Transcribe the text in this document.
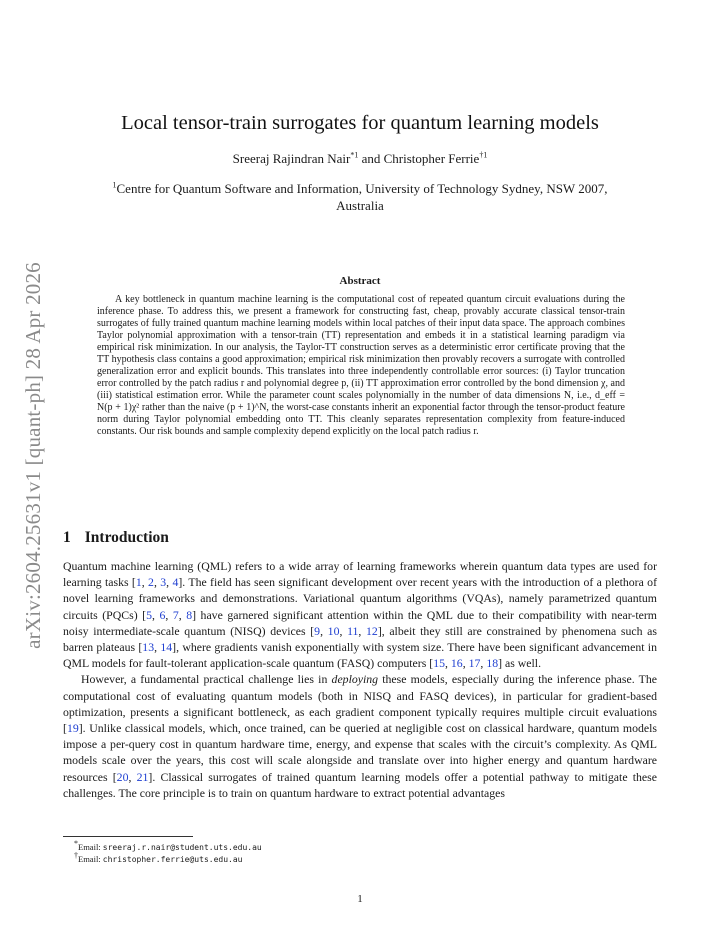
arXiv:2604.25631v1 [quant-ph] 28 Apr 2026
Local tensor-train surrogates for quantum learning models
Sreeraj Rajindran Nair$^{*1}$ and Christopher Ferrie$^{\dagger 1}$
$^1$Centre for Quantum Software and Information, University of Technology Sydney, NSW 2007,
Australia
Abstract

A key bottleneck in quantum machine learning is the computational cost of repeated quantum circuit evaluations during the inference phase. To address this, we present a framework for constructing fast, cheap, provably accurate classical tensor-train surrogates of fully trained quantum machine learning models within local patches of their input data space. The approach combines Taylor polynomial approximation with a tensor-train (TT) representation and embeds it in a statistical learning paradigm via empirical risk minimization. In our analysis, the Taylor-TT construction serves as a deterministic error certificate proving that the TT hypothesis class contains a good approximation; empirical risk minimization then provably recovers a surrogate with controlled generalization error and explicit bounds. This translates into three independently controllable error sources: (i) Taylor truncation error controlled by the patch radius r and polynomial degree p, (ii) TT approximation error controlled by the bond dimension χ, and (iii) statistical estimation error. While the parameter count scales polynomially in the number of data dimensions N, i.e., d_eff = N(p + 1)χ² rather than the naive (p + 1)^N, the worst-case constants inherit an exponential factor through the tensor-product feature norm during Taylor polynomial embedding onto TT. This cleanly separates representation complexity from feature-induced constants. Our risk bounds and sample complexity depend explicitly on the local patch radius r.

1 Introduction

Quantum machine learning (QML) refers to a wide array of learning frameworks wherein quantum data types are used for learning tasks [1, 2, 3, 4]. The field has seen significant development over recent years with the introduction of a plethora of novel learning frameworks and demonstrations. Variational quantum algorithms (VQAs), namely parametrized quantum circuits (PQCs) [5, 6, 7, 8] have garnered significant attention within the QML due to their compatibility with near-term noisy intermediate-scale quantum (NISQ) devices [9, 10, 11, 12], albeit they still are constrained by phenomena such as barren plateaus [13, 14], where gradients vanish exponentially with system size. There have been significant advancement in QML models for fault-tolerant application-scale quantum (FASQ) computers [15, 16, 17, 18] as well.

However, a fundamental practical challenge lies in deploying these models, especially during the inference phase. The computational cost of evaluating quantum models (both in NISQ and FASQ devices), in particular for gradient-based optimization, presents a significant bottleneck, as each gradient component typically requires multiple circuit evaluations [19]. Unlike classical models, which, once trained, can be queried at negligible cost on classical hardware, quantum models impose a per-query cost in quantum hardware time, energy, and expense that scales with the circuit’s complexity. As QML models scale over the years, this cost will scale alongside and translate over into higher energy and quantum hardware resources [20, 21]. Classical surrogates of trained quantum learning models offer a potential pathway to mitigate these challenges. The core principle is to train on quantum hardware to extract potential advantages

*Email: sreeraj.r.nair@student.uts.edu.au
†Email: christopher.ferrie@uts.edu.au
1
